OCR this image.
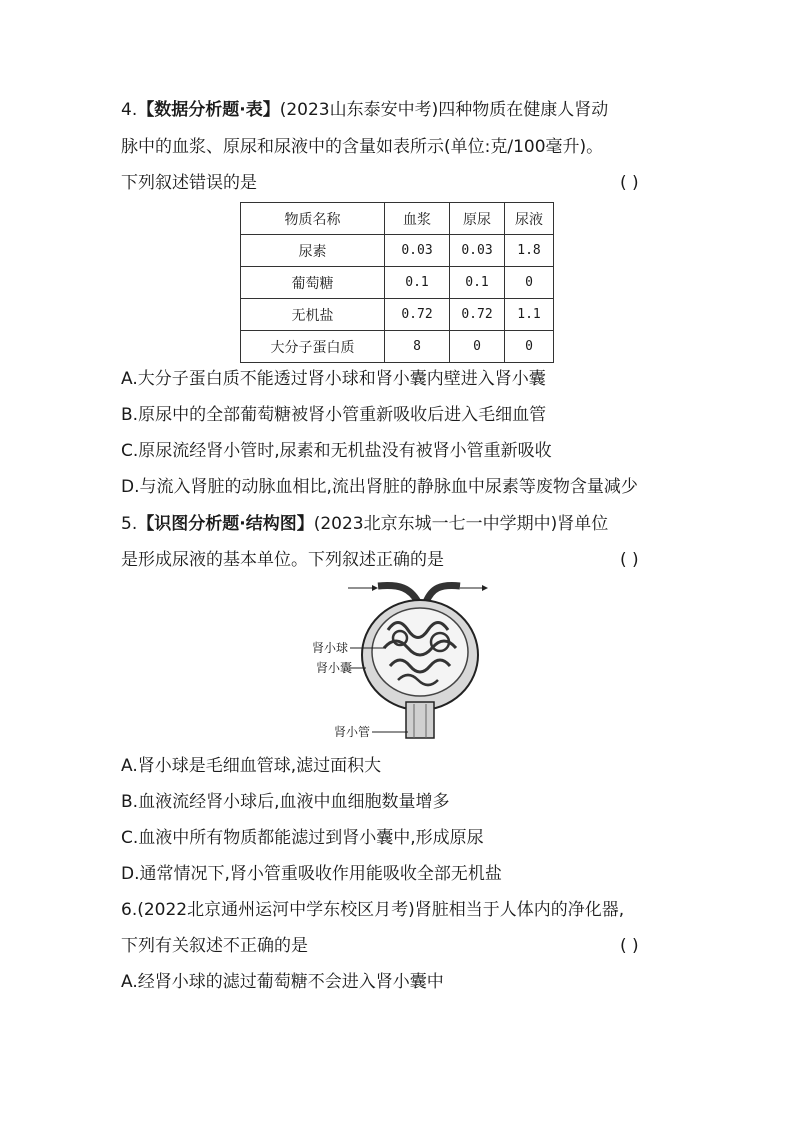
4.【数据分析题·表】(2023山东泰安中考)四种物质在健康人肾动
脉中的血浆、原尿和尿液中的含量如表所示(单位:克/100毫升)。
下列叙述错误的是	( )
物质名称	血浆	原尿	尿液
尿素	0.03	0.03	1.8
葡萄糖	0.1	0.1	0
无机盐	0.72	0.72	1.1
大分子蛋白质	8	0	0
A.大分子蛋白质不能透过肾小球和肾小囊内壁进入肾小囊
B.原尿中的全部葡萄糖被肾小管重新吸收后进入毛细血管
C.原尿流经肾小管时,尿素和无机盐没有被肾小管重新吸收
D.与流入肾脏的动脉血相比,流出肾脏的静脉血中尿素等废物含量减少
5.【识图分析题·结构图】(2023北京东城一七一中学期中)肾单位
是形成尿液的基本单位。下列叙述正确的是	( )
肾小球
肾小囊
肾小管
A.肾小球是毛细血管球,滤过面积大
B.血液流经肾小球后,血液中血细胞数量增多
C.血液中所有物质都能滤过到肾小囊中,形成原尿
D.通常情况下,肾小管重吸收作用能吸收全部无机盐
6.(2022北京通州运河中学东校区月考)肾脏相当于人体内的净化器,
下列有关叙述不正确的是	( )
A.经肾小球的滤过葡萄糖不会进入肾小囊中
